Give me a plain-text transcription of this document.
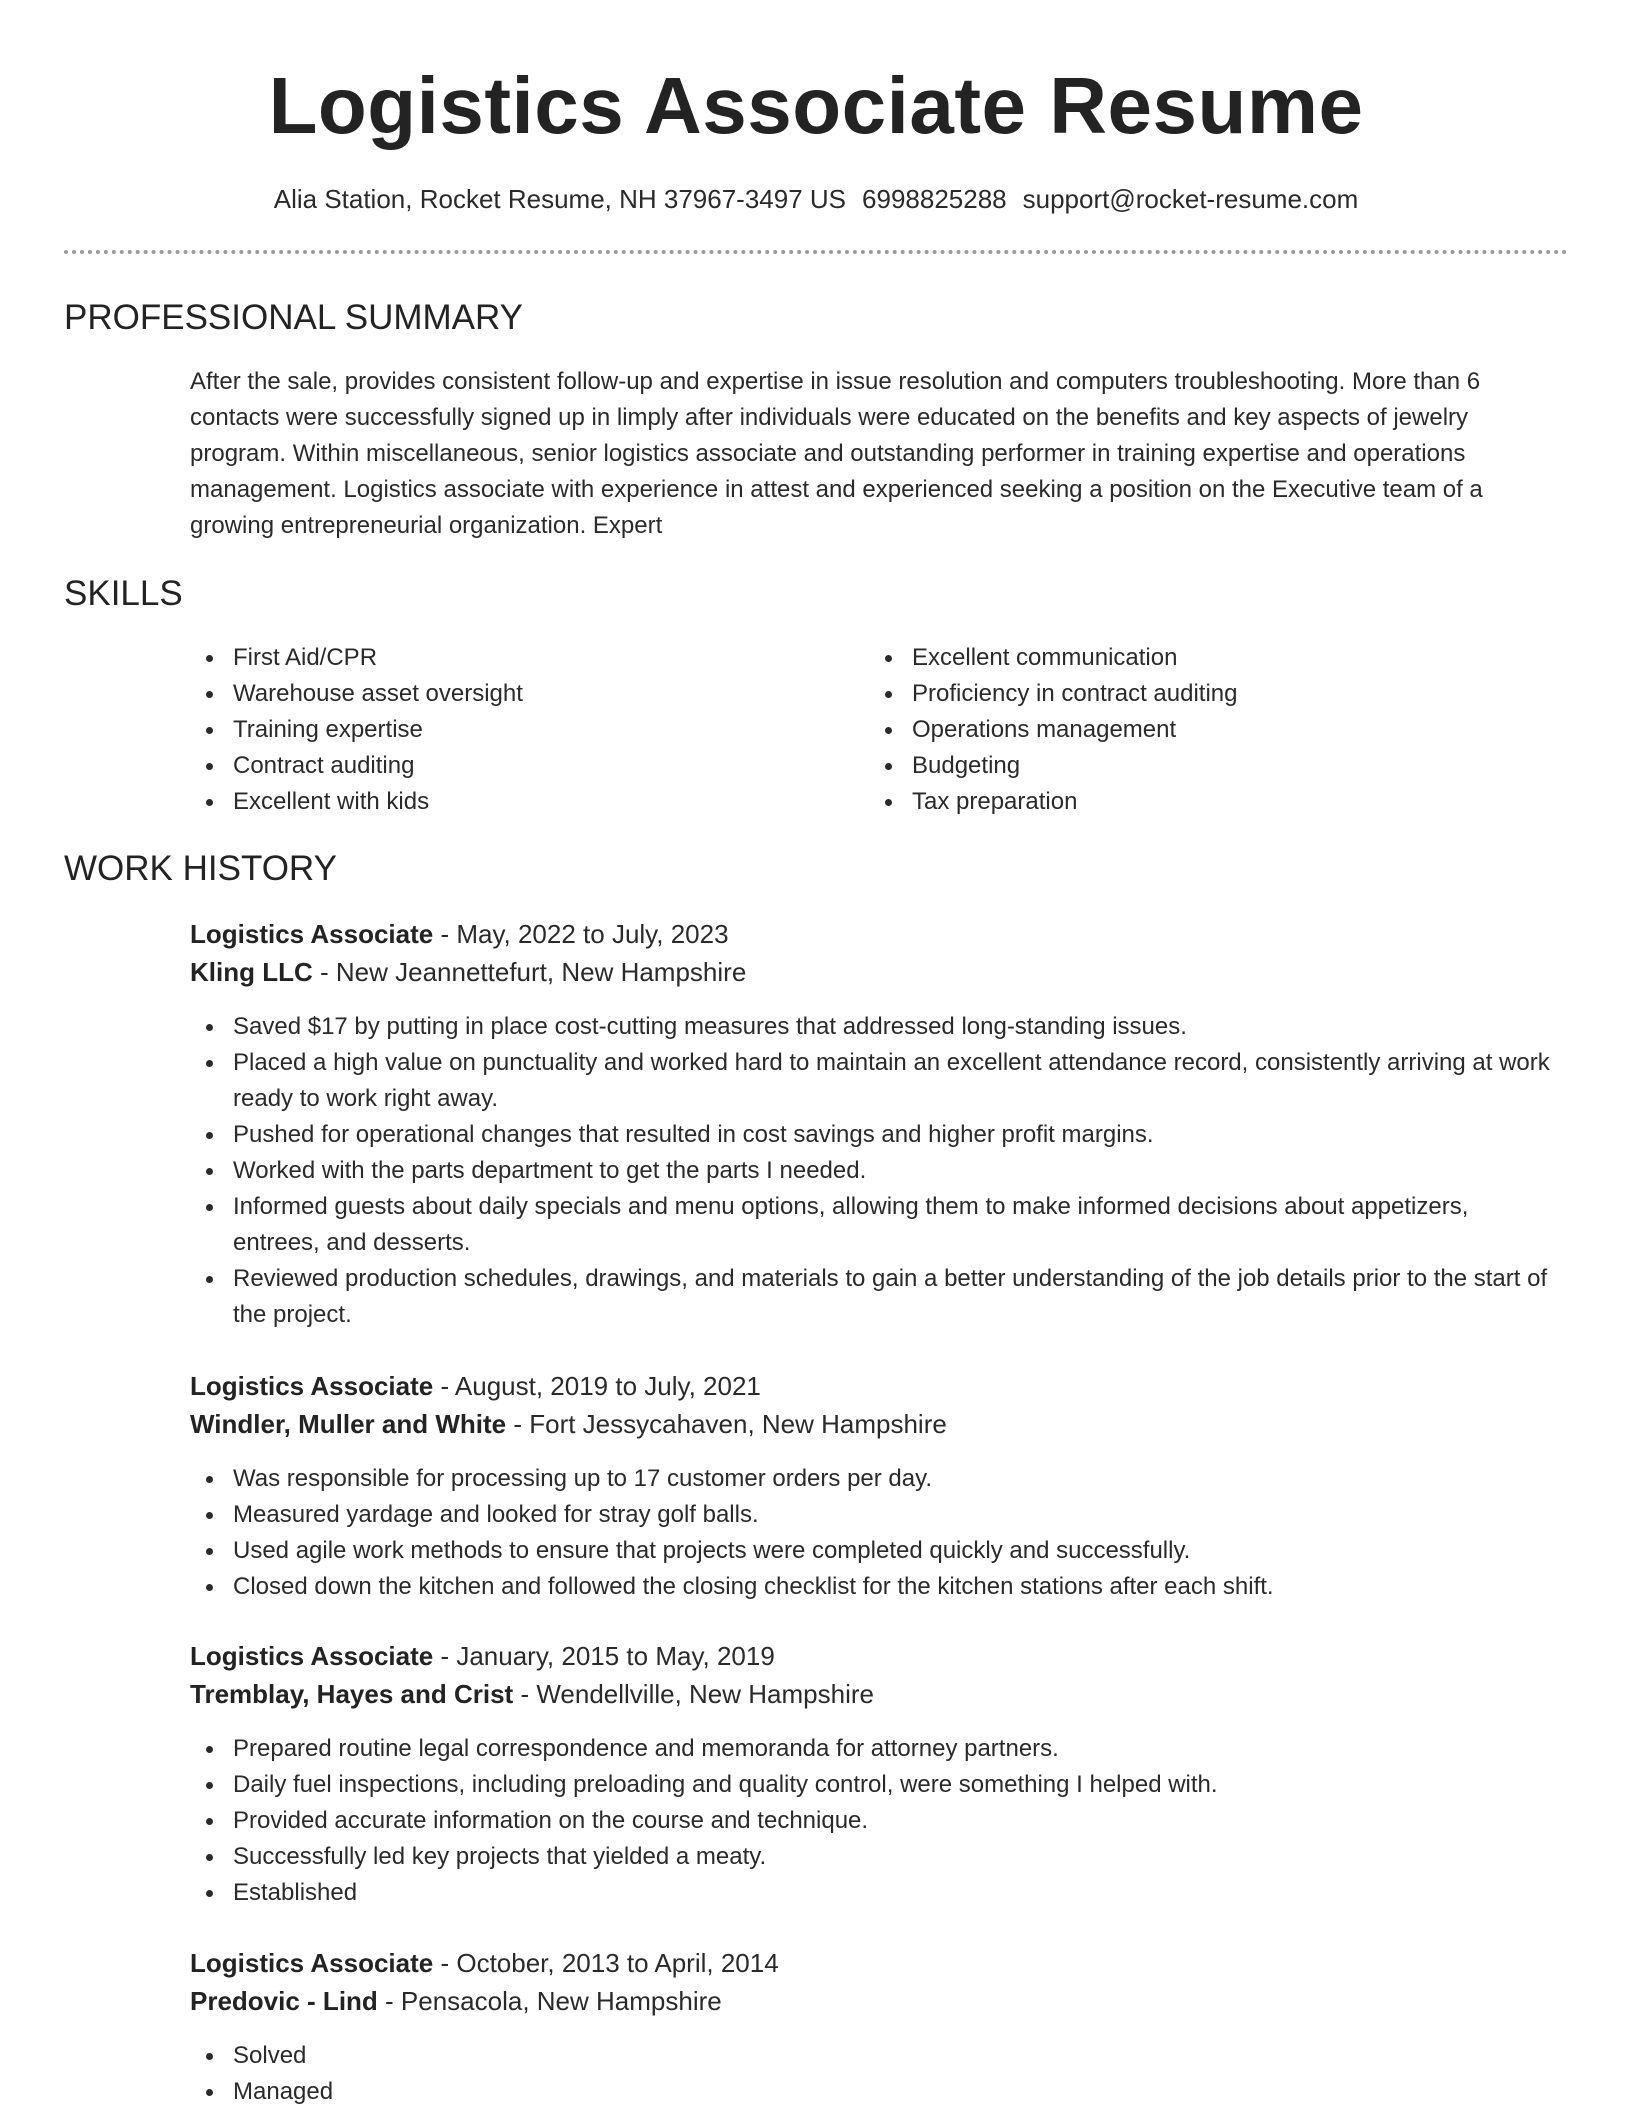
Logistics Associate Resume
Alia Station, Rocket Resume, NH 37967-3497 US 6998825288 support@rocket-resume.com
PROFESSIONAL SUMMARY
After the sale, provides consistent follow-up and expertise in issue resolution and computers troubleshooting. More than 6 contacts were successfully signed up in limply after individuals were educated on the benefits and key aspects of jewelry program. Within miscellaneous, senior logistics associate and outstanding performer in training expertise and operations management. Logistics associate with experience in attest and experienced seeking a position on the Executive team of a growing entrepreneurial organization. Expert
SKILLS
First Aid/CPR
Warehouse asset oversight
Training expertise
Contract auditing
Excellent with kids
Excellent communication
Proficiency in contract auditing
Operations management
Budgeting
Tax preparation
WORK HISTORY
Logistics Associate - May, 2022 to July, 2023
Kling LLC - New Jeannettefurt, New Hampshire
Saved $17 by putting in place cost-cutting measures that addressed long-standing issues.
Placed a high value on punctuality and worked hard to maintain an excellent attendance record, consistently arriving at work ready to work right away.
Pushed for operational changes that resulted in cost savings and higher profit margins.
Worked with the parts department to get the parts I needed.
Informed guests about daily specials and menu options, allowing them to make informed decisions about appetizers, entrees, and desserts.
Reviewed production schedules, drawings, and materials to gain a better understanding of the job details prior to the start of the project.
Logistics Associate - August, 2019 to July, 2021
Windler, Muller and White - Fort Jessycahaven, New Hampshire
Was responsible for processing up to 17 customer orders per day.
Measured yardage and looked for stray golf balls.
Used agile work methods to ensure that projects were completed quickly and successfully.
Closed down the kitchen and followed the closing checklist for the kitchen stations after each shift.
Logistics Associate - January, 2015 to May, 2019
Tremblay, Hayes and Crist - Wendellville, New Hampshire
Prepared routine legal correspondence and memoranda for attorney partners.
Daily fuel inspections, including preloading and quality control, were something I helped with.
Provided accurate information on the course and technique.
Successfully led key projects that yielded a meaty.
Established
Logistics Associate - October, 2013 to April, 2014
Predovic - Lind - Pensacola, New Hampshire
Solved
Managed
